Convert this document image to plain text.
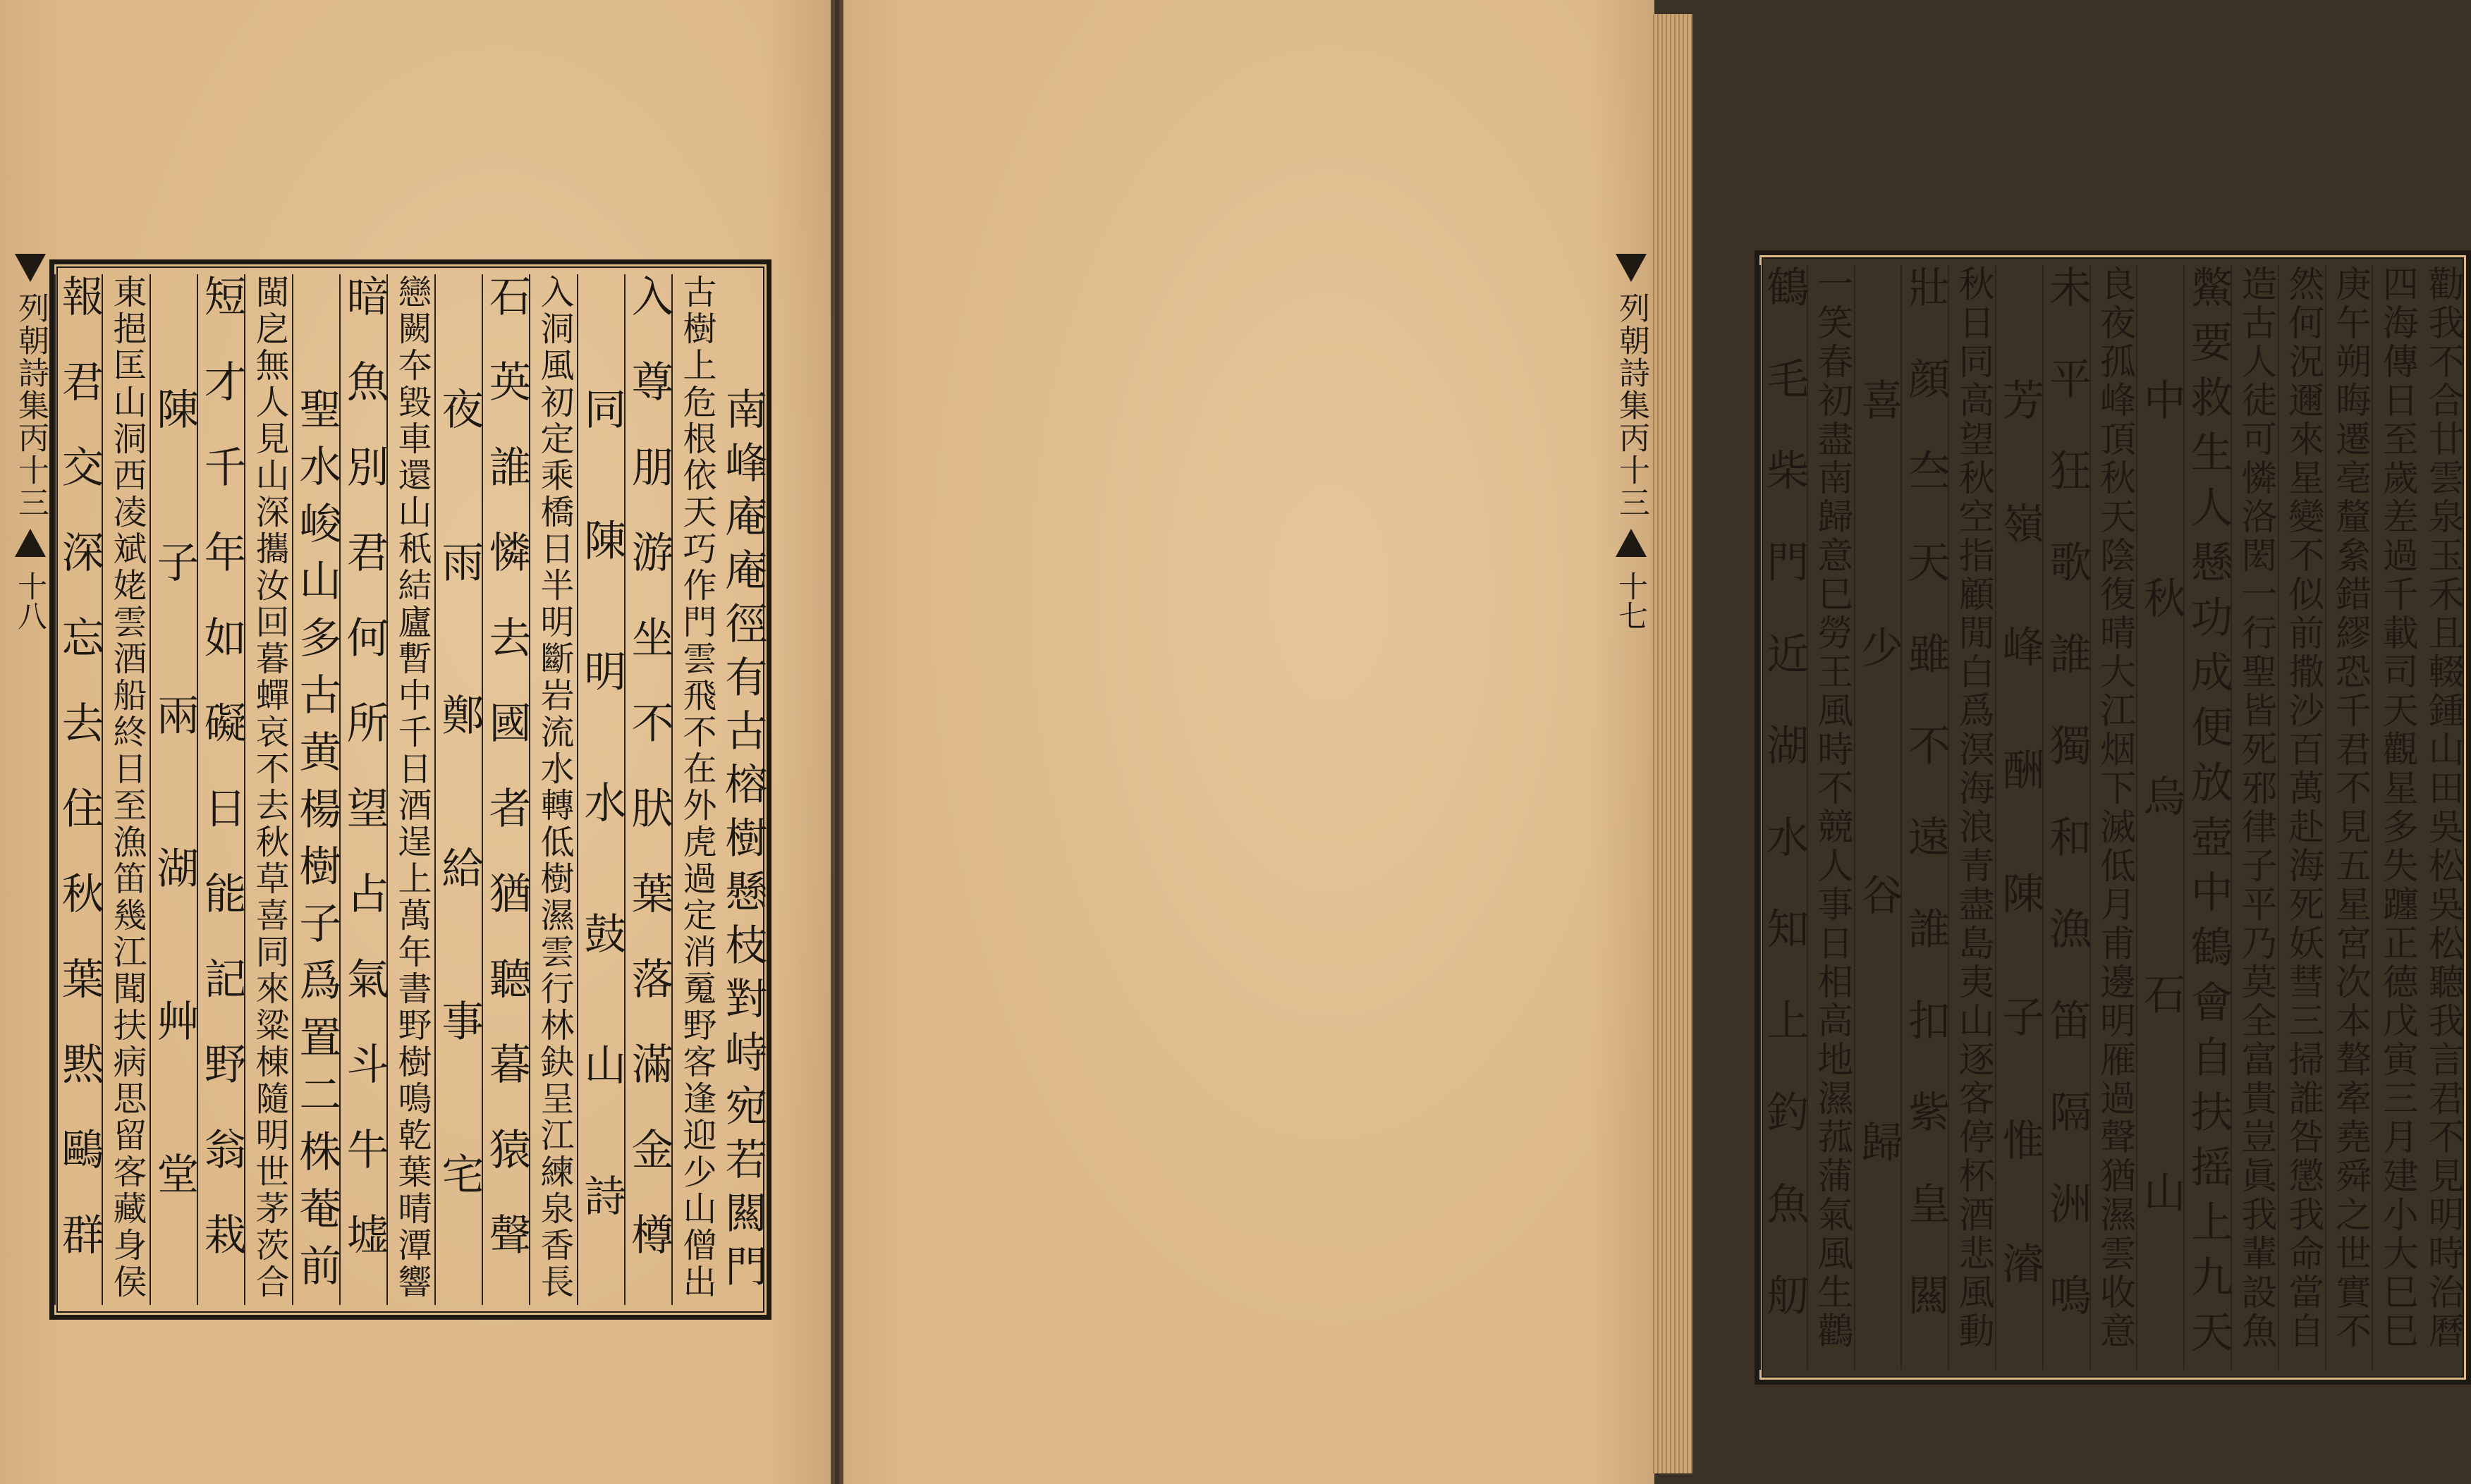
列朝詩集丙十三
十八	南峰庵庵徑有古榕樹懸枝對峙宛若闗門
古樹上危根依天巧作門雲飛不在外虎過定消䰟野客逢迎少山僧出
入尊朋游坐不肰葉落滿金樽
同陳明水鼓山詩
入洞風初定乘橋日半明斷岩流水轉低樹濕雲行林鈌呈江練泉香長
石英誰憐去國者猶聽暮猿聲
夜雨鄭給事宅
戀闕夲毀車還山秖結廬暫中千日酒逞上萬年書野樹鳴乾葉晴潭響
暗魚別君何所望占氣斗牛墟
聖水峻山多古黄楊樹子爲置二株菴前
閩戹無人見山深攜汝回暮蟬哀不去秋草喜同來粱棟隨明世茅茨合
短才千年如礙日能記野翁栽
陳子兩湖艸堂
東挹匡山洞西凌斌姥雲酒船終日至漁笛幾江聞扶病思留客藏身侯
報君交深忘去住秋葉黙鷗群	勸我不合廿雲泉玉禾且輟鍾山田吳松吳松聽我言君不見明時治曆
四海傳日至歲差過千載司天觀星多失躔正德戊寅三月建小大巳巳
庚午朔晦遷亳釐絫錯繆恐千君不見五星宮次本聱牽堯舜之世實不
然何況邇來星變不似前撒沙百萬赴海死妖彗三掃誰咎懲我命當自
造古人徒可憐洛閎一行聖皆死邪律子平乃莫全富貴豈眞我輩設魚
鱉要救生人懸功成便放壺中鶴會自扶摇上九天
中秋烏石山
良夜孤峰頂秋天陰復晴大江烟下滅低月甫邊明雁過聲猶濕雲收意
未平狂歌誰獨和漁笛隔洲鳴
芳嶺峰酬陳子惟濬
秋日同高望秋空指顧閒白爲溟海浪青盡島夷山逐客停杯酒悲風動
壯顔夳天雖不遠誰扣紫皇闗
喜少谷歸
一笑春初盡南歸意巳勞王風時不競人事日相高地濕菰蒲氣風生鸛
鶴毛柴門近湖水知上釣魚舠
列朝詩集丙十三
十七
